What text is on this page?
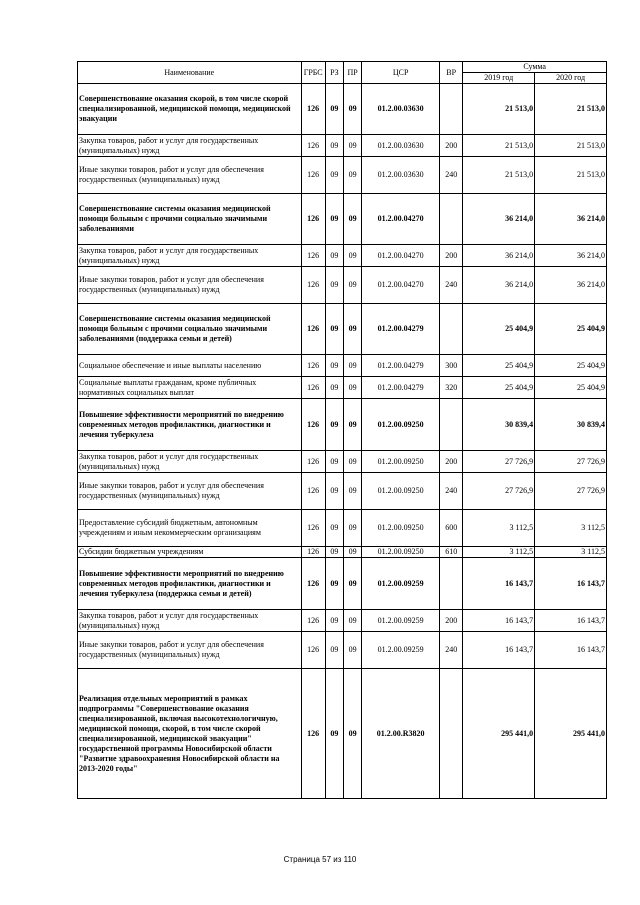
Наименование	ГРБС	РЗ	ПР	ЦСР	ВР	Сумма	
						2019 год	2020 год
Совершенствование оказания скорой, в том числе скорой специализированной, медицинской помощи, медицинской эвакуации	126	09	09	01.2.00.03630		21 513,0	21 513,0
Закупка товаров, работ и услуг для государственных (муниципальных) нужд	126	09	09	01.2.00.03630	200	21 513,0	21 513,0
Иные закупки товаров, работ и услуг для обеспечения государственных (муниципальных) нужд	126	09	09	01.2.00.03630	240	21 513,0	21 513,0
Совершенствование системы оказания медицинской помощи больным с прочими социально значимыми заболеваниями	126	09	09	01.2.00.04270		36 214,0	36 214,0
Закупка товаров, работ и услуг для государственных (муниципальных) нужд	126	09	09	01.2.00.04270	200	36 214,0	36 214,0
Иные закупки товаров, работ и услуг для обеспечения государственных (муниципальных) нужд	126	09	09	01.2.00.04270	240	36 214,0	36 214,0
Совершенствование системы оказания медицинской помощи больным с прочими социально значимыми заболеваниями (поддержка семьи и детей)	126	09	09	01.2.00.04279		25 404,9	25 404,9
Социальное обеспечение и иные выплаты населению	126	09	09	01.2.00.04279	300	25 404,9	25 404,9
Социальные выплаты гражданам, кроме публичных нормативных социальных выплат	126	09	09	01.2.00.04279	320	25 404,9	25 404,9
Повышение эффективности мероприятий по внедрению современных методов профилактики, диагностики и лечения туберкулеза	126	09	09	01.2.00.09250		30 839,4	30 839,4
Закупка товаров, работ и услуг для государственных (муниципальных) нужд	126	09	09	01.2.00.09250	200	27 726,9	27 726,9
Иные закупки товаров, работ и услуг для обеспечения государственных (муниципальных) нужд	126	09	09	01.2.00.09250	240	27 726,9	27 726,9
Предоставление субсидий бюджетным, автономным учреждениям и иным некоммерческим организациям	126	09	09	01.2.00.09250	600	3 112,5	3 112,5
Субсидии бюджетным учреждениям	126	09	09	01.2.00.09250	610	3 112,5	3 112,5
Повышение эффективности мероприятий по внедрению современных методов профилактики, диагностики и лечения туберкулеза (поддержка семьи и детей)	126	09	09	01.2.00.09259		16 143,7	16 143,7
Закупка товаров, работ и услуг для государственных (муниципальных) нужд	126	09	09	01.2.00.09259	200	16 143,7	16 143,7
Иные закупки товаров, работ и услуг для обеспечения государственных (муниципальных) нужд	126	09	09	01.2.00.09259	240	16 143,7	16 143,7
Реализация отдельных мероприятий в рамках подпрограммы "Совершенствование оказания специализированной, включая высокотехнологичную, медицинской помощи, скорой, в том числе скорой специализированной, медицинской эвакуации" государственной программы Новосибирской области "Развитие здравоохранения Новосибирской области на 2013-2020 годы"	126	09	09	01.2.00.R3820		295 441,0	295 441,0
Страница 57 из 110
